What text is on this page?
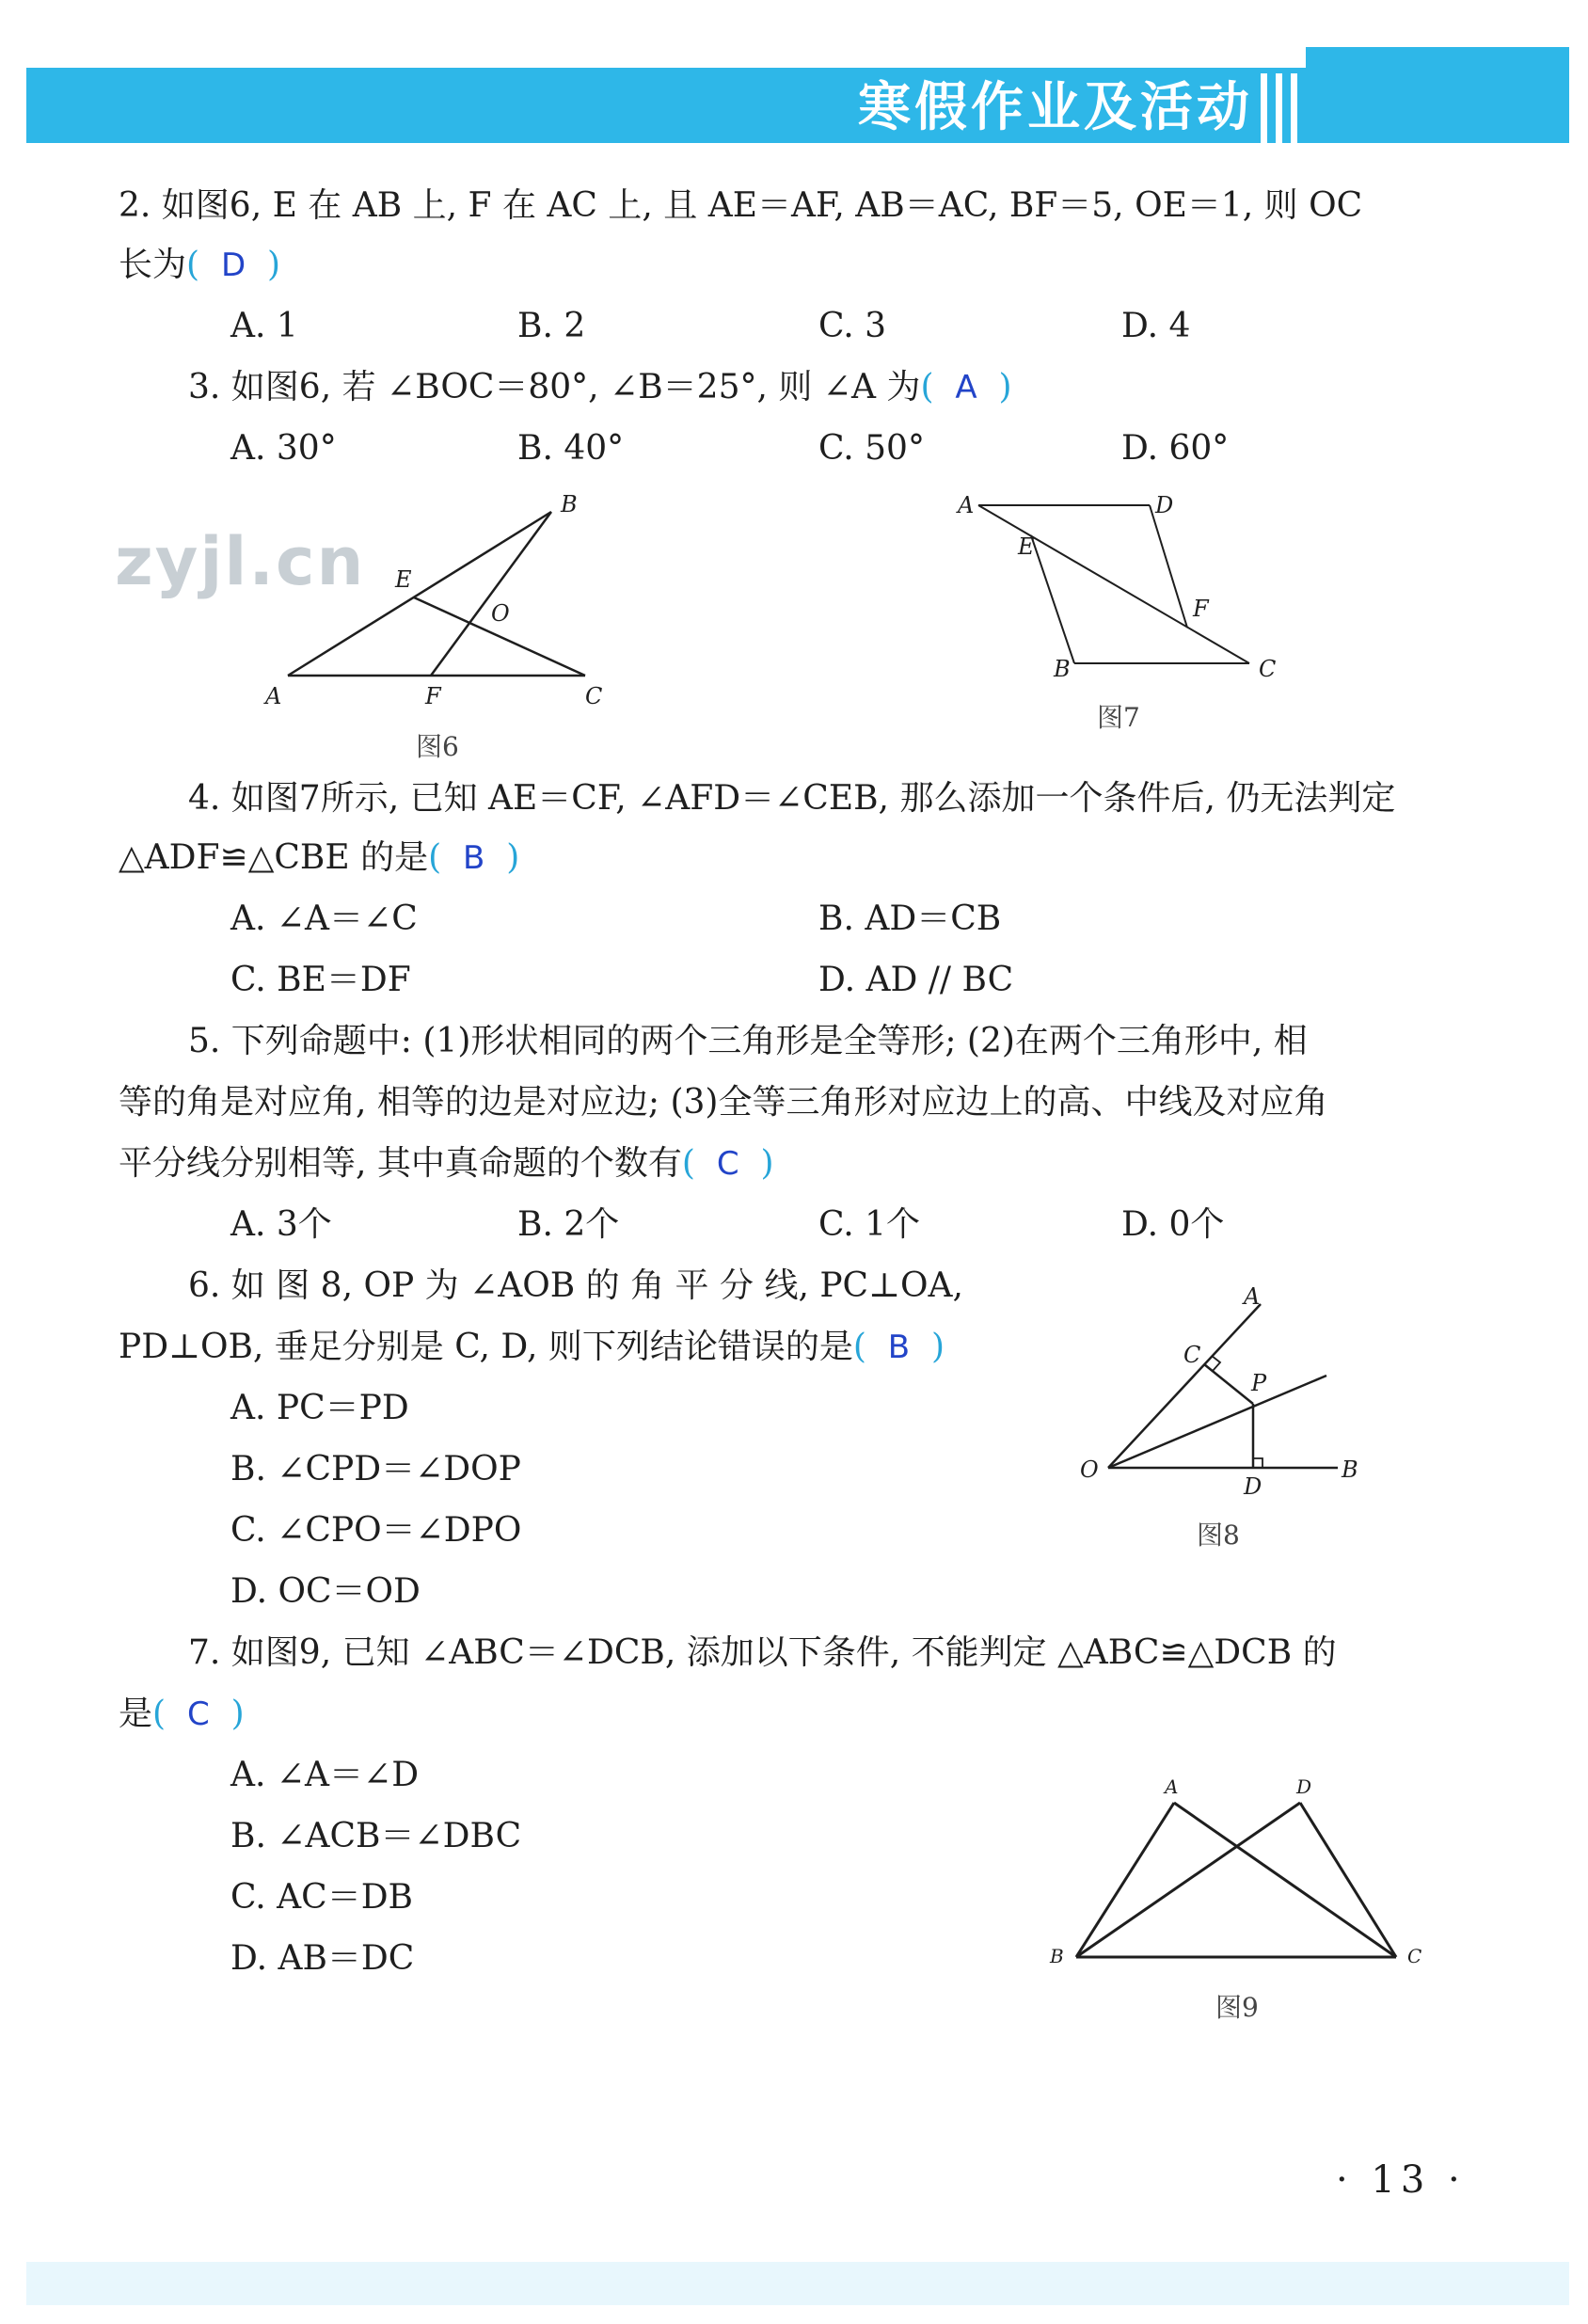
寒假作业及活动
zyjl.cn
2. 如图6, E 在 AB 上, F 在 AC 上, 且 AE＝AF, AB＝AC, BF＝5, OE＝1, 则 OC
长为( D )
A. 1	B. 2	C. 3	D. 4
3. 如图6, 若 ∠BOC＝80°, ∠B＝25°, 则 ∠A 为( A )
A. 30°	B. 40°	C. 50°	D. 60°
A
B
C
E
F
O
图6
A
B	C
D
E
F
图7
4. 如图7所示, 已知 AE＝CF, ∠AFD＝∠CEB, 那么添加一个条件后, 仍无法判定
△ADF≌△CBE 的是( B )
A. ∠A＝∠C	B. AD＝CB
C. BE＝DF	D. AD // BC
5. 下列命题中: (1)形状相同的两个三角形是全等形; (2)在两个三角形中, 相
等的角是对应角, 相等的边是对应边; (3)全等三角形对应边上的高、中线及对应角
平分线分别相等, 其中真命题的个数有( C )
A. 3个	B. 2个	C. 1个	D. 0个
6. 如 图 8, OP 为 ∠AOB 的 角 平 分 线, PC⊥OA,
PD⊥OB, 垂足分别是 C, D, 则下列结论错误的是( B )
A. PC＝PD
B. ∠CPD＝∠DOP
C. ∠CPO＝∠DPO
D. OC＝OD
A
B
C
D
O
P
图8
7. 如图9, 已知 ∠ABC＝∠DCB, 添加以下条件, 不能判定 △ABC≌△DCB 的
是( C )
A. ∠A＝∠D
B. ∠ACB＝∠DBC
C. AC＝DB
D. AB＝DC
A
B	C
D
图9
· 13 ·
